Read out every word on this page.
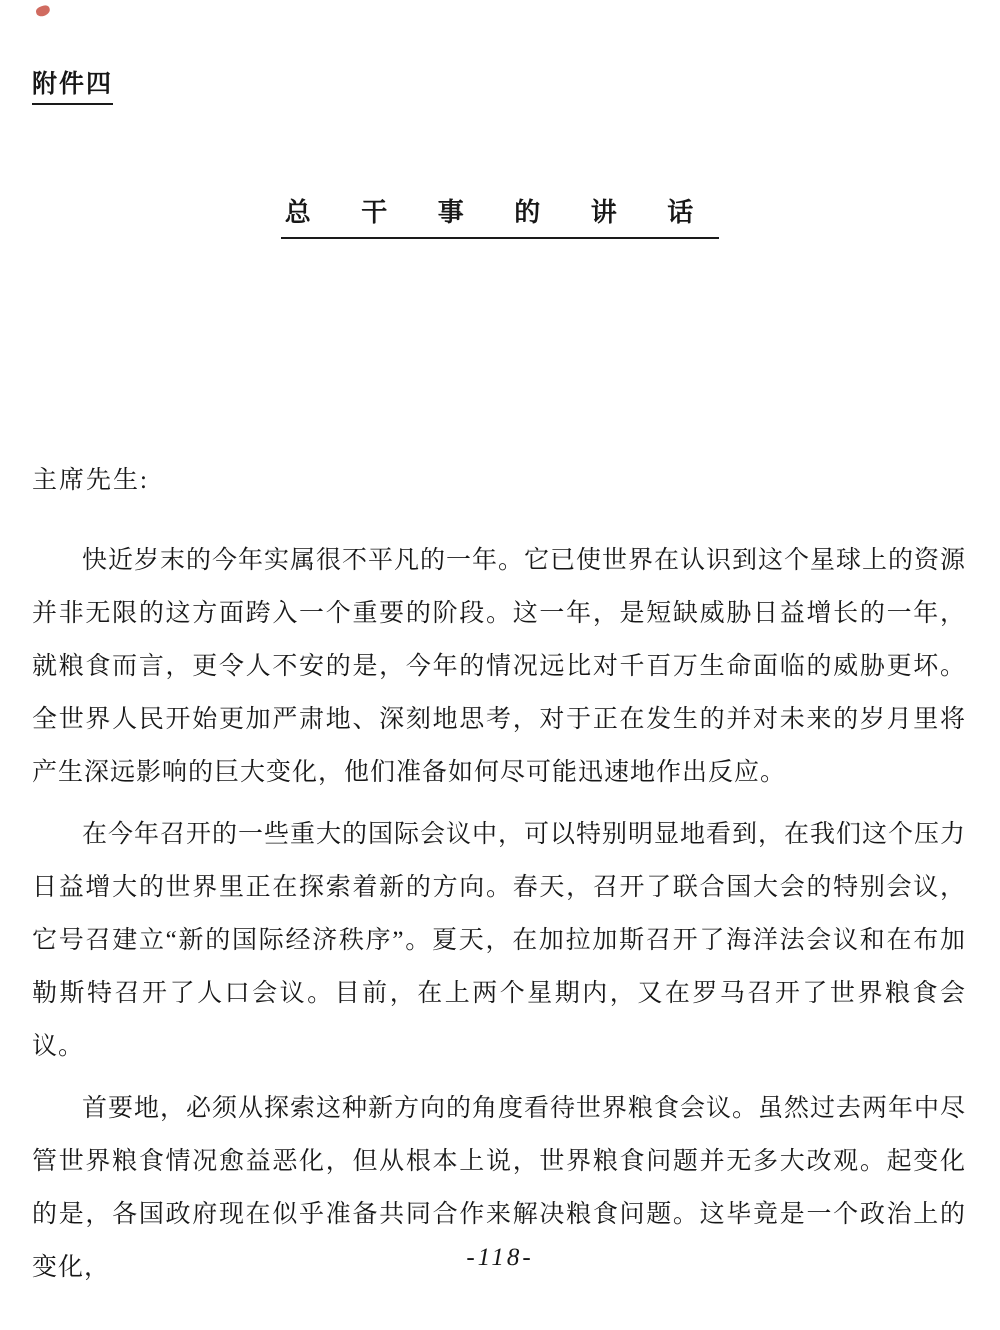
附件四
总 干 事 的 讲 话

主席先生:

快近岁末的今年实属很不平凡的一年。它已使世界在认识到这个星球上的资源并非无限的这方面跨入一个重要的阶段。这一年，是短缺威胁日益增长的一年，就粮食而言，更令人不安的是，今年的情况远比对千百万生命面临的威胁更坏。全世界人民开始更加严肃地、深刻地思考，对于正在发生的并对未来的岁月里将产生深远影响的巨大变化，他们准备如何尽可能迅速地作出反应。

在今年召开的一些重大的国际会议中，可以特别明显地看到，在我们这个压力日益增大的世界里正在探索着新的方向。春天，召开了联合国大会的特别会议，它号召建立“新的国际经济秩序”。夏天，在加拉加斯召开了海洋法会议和在布加勒斯特召开了人口会议。目前，在上两个星期内，又在罗马召开了世界粮食会议。

首要地，必须从探索这种新方向的角度看待世界粮食会议。虽然过去两年中尽管世界粮食情况愈益恶化，但从根本上说，世界粮食问题并无多大改观。起变化的是，各国政府现在似乎准备共同合作来解决粮食问题。这毕竟是一个政治上的变化，	-118-
